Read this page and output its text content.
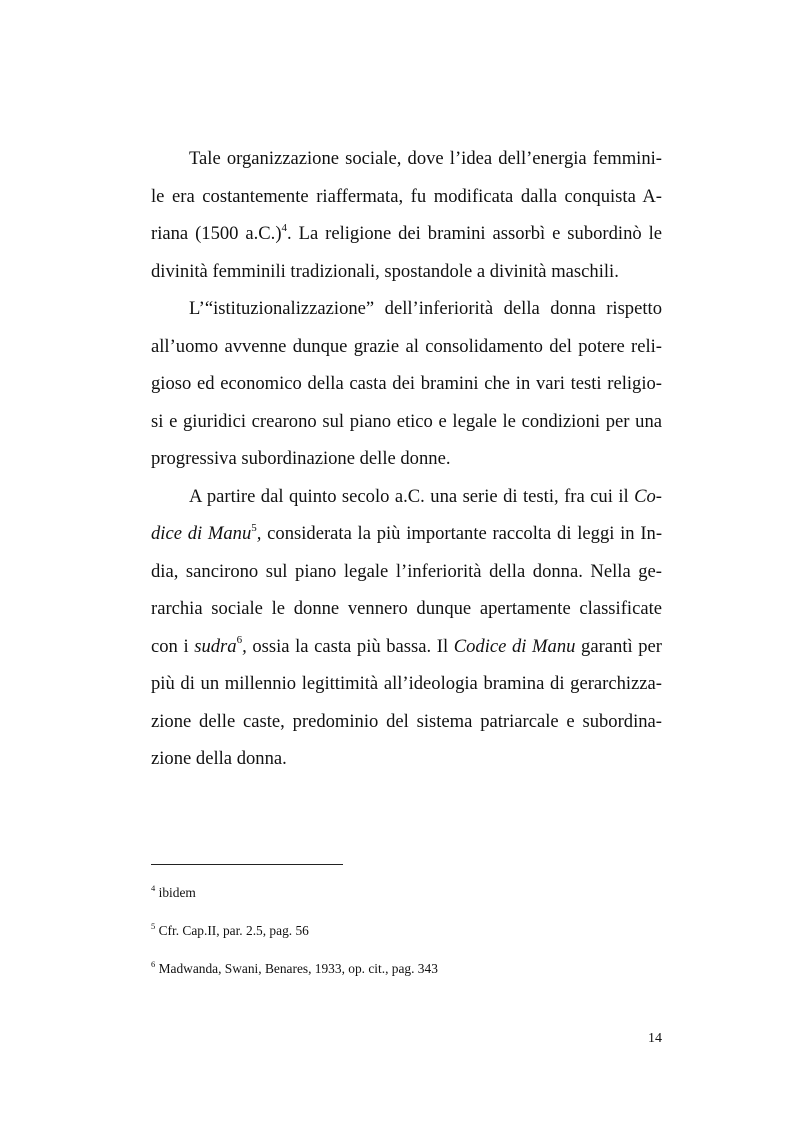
Tale organizzazione sociale, dove l’idea dell’energia femmini-
le era costantemente riaffermata, fu modificata dalla conquista A-
riana (1500 a.C.)$^4$. La religione dei bramini assorbì e subordinò le
divinità femminili tradizionali, spostandole a divinità maschili.
L’“istituzionalizzazione” dell’inferiorità della donna rispetto
all’uomo avvenne dunque grazie al consolidamento del potere reli-
gioso ed economico della casta dei bramini che in vari testi religio-
si e giuridici crearono sul piano etico e legale le condizioni per una
progressiva subordinazione delle donne.
A partire dal quinto secolo a.C. una serie di testi, fra cui il Co-
dice di Manu$^5$, considerata la più importante raccolta di leggi in In-
dia, sancirono sul piano legale l’inferiorità della donna. Nella ge-
rarchia sociale le donne vennero dunque apertamente classificate
con i sudra$^6$, ossia la casta più bassa. Il Codice di Manu garantì per
più di un millennio legittimità all’ideologia bramina di gerarchizza-
zione delle caste, predominio del sistema patriarcale e subordina-
zione della donna.
$^4$ ibidem
$^5$ Cfr. Cap.II, par. 2.5, pag. 56
$^6$ Madwanda, Swani, Benares, 1933, op. cit., pag. 343
14
